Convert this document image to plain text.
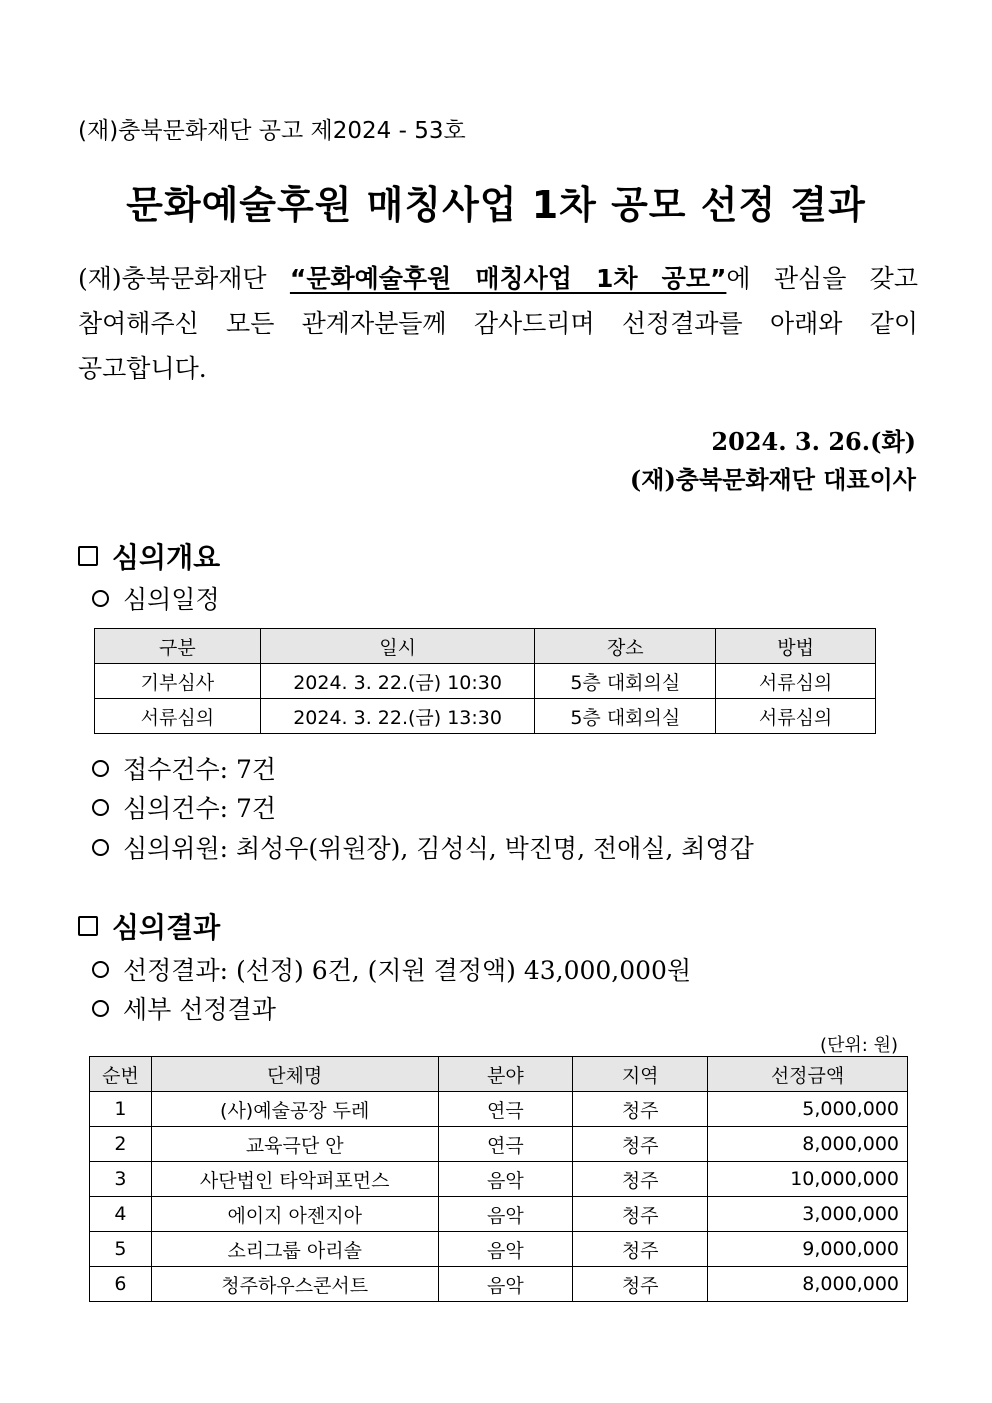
(재)충북문화재단 공고 제2024 - 53호
문화예술후원 매칭사업 1차 공모 선정 결과
(재)충북문화재단 “문화예술후원 매칭사업 1차 공모”에 관심을 갖고
참여해주신 모든 관계자분들께 감사드리며 선정결과를 아래와 같이
공고합니다.
2024. 3. 26.(화)
(재)충북문화재단 대표이사
심의개요
심의일정
구분	일시	장소	방법
기부심사	2024. 3. 22.(금) 10:30	5층 대회의실	서류심의
서류심의	2024. 3. 22.(금) 13:30	5층 대회의실	서류심의
접수건수: 7건
심의건수: 7건
심의위원: 최성우(위원장), 김성식, 박진명, 전애실, 최영갑
심의결과
선정결과: (선정) 6건, (지원 결정액) 43,000,000원
세부 선정결과
(단위: 원)
순번	단체명	분야	지역	선정금액
1	(사)예술공장 두레	연극	청주	5,000,000
2	교육극단 안	연극	청주	8,000,000
3	사단법인 타악퍼포먼스	음악	청주	10,000,000
4	에이지 아젠지아	음악	청주	3,000,000
5	소리그룹 아리솔	음악	청주	9,000,000
6	청주하우스콘서트	음악	청주	8,000,000
